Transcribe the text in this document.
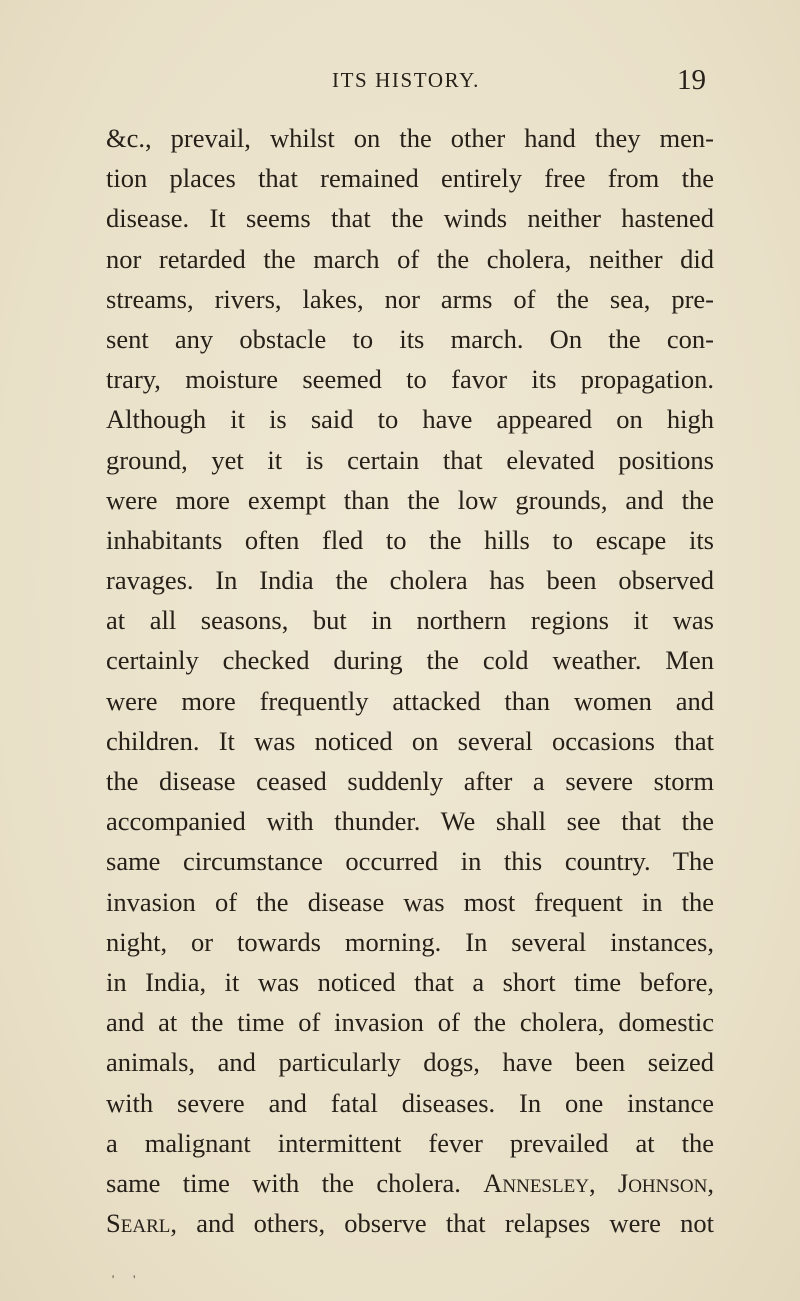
ITS HISTORY.	19
&c., prevail, whilst on the other hand they men-
tion places that remained entirely free from the
disease. It seems that the winds neither hastened
nor retarded the march of the cholera, neither did
streams, rivers, lakes, nor arms of the sea, pre-
sent any obstacle to its march. On the con-
trary, moisture seemed to favor its propagation.
Although it is said to have appeared on high
ground, yet it is certain that elevated positions
were more exempt than the low grounds, and the
inhabitants often fled to the hills to escape its
ravages. In India the cholera has been observed
at all seasons, but in northern regions it was
certainly checked during the cold weather. Men
were more frequently attacked than women and
children. It was noticed on several occasions that
the disease ceased suddenly after a severe storm
accompanied with thunder. We shall see that the
same circumstance occurred in this country. The
invasion of the disease was most frequent in the
night, or towards morning. In several instances,
in India, it was noticed that a short time before,
and at the time of invasion of the cholera, domestic
animals, and particularly dogs, have been seized
with severe and fatal diseases. In one instance
a malignant intermittent fever prevailed at the
same time with the cholera. Annesley, Johnson,
Searl, and others, observe that relapses were not
' '
